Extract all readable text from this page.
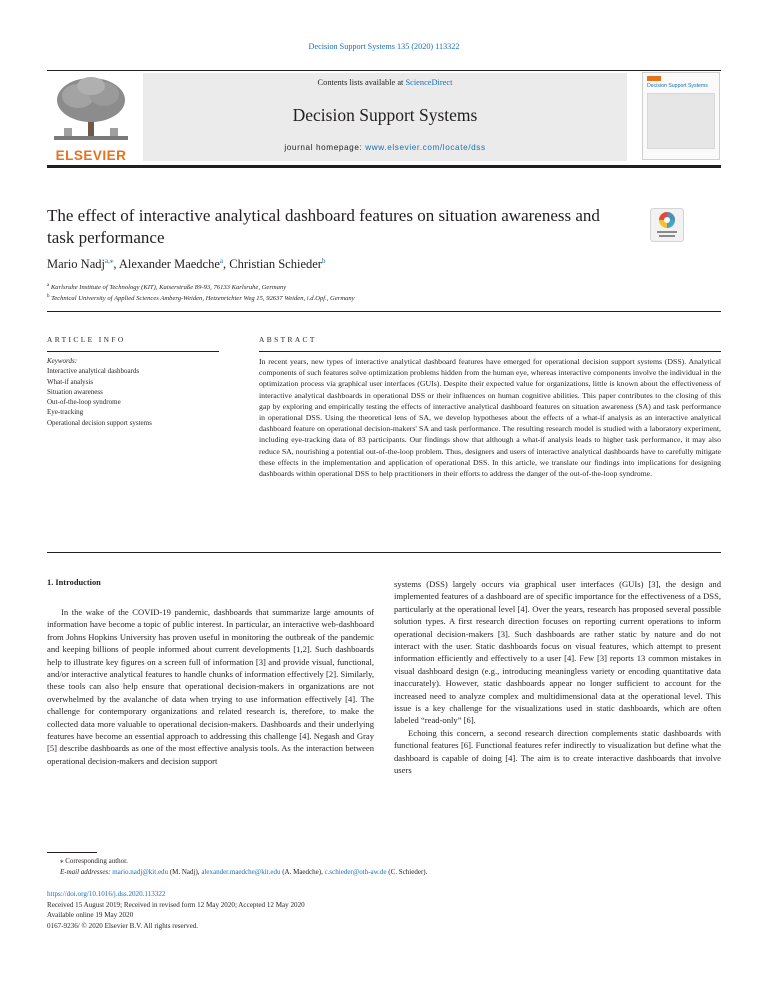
Decision Support Systems 135 (2020) 113322
ELSEVIER
Contents lists available at ScienceDirect
Decision Support Systems
journal homepage: www.elsevier.com/locate/dss
Decision Support Systems
The effect of interactive analytical dashboard features on situation awareness and task performance
Mario Nadj$^{a,⁎}$, Alexander Maedche$^a$, Christian Schieder$^b$
$^a$ Karlsruhe Institute of Technology (KIT), Kaiserstraße 89-93, 76133 Karlsruhe, Germany
$^b$ Technical University of Applied Sciences Amberg-Weiden, Hetzenrichter Weg 15, 92637 Weiden, i.d.Opf., Germany
ARTICLE INFO	ABSTRACT
Keywords:
Interactive analytical dashboards
What-if analysis
Situation awareness
Out-of-the-loop syndrome
Eye-tracking
Operational decision support systems
In recent years, new types of interactive analytical dashboard features have emerged for operational decision support systems (DSS). Analytical components of such features solve optimization problems hidden from the human eye, whereas interactive components involve the individual in the optimization process via graphical user interfaces (GUIs). Despite their expected value for organizations, little is known about the effectiveness of interactive analytical dashboards in operational DSS or their influences on human cognitive abilities. This paper contributes to the closing of this gap by exploring and empirically testing the effects of interactive analytical dashboard features on situation awareness (SA) and task performance in operational DSS. Using the theoretical lens of SA, we develop hypotheses about the effects of a what-if analysis as an interactive analytical dashboard feature on operational decision-makers' SA and task performance. The resulting research model is studied with a laboratory experiment, including eye-tracking data of 83 participants. Our findings show that although a what-if analysis leads to higher task performance, it may also reduce SA, nourishing a potential out-of-the-loop problem. Thus, designers and users of interactive analytical dashboards have to carefully mitigate these effects in the implementation and application of operational DSS. In this article, we translate our findings into implications for designing dashboards within operational DSS to help practitioners in their efforts to address the danger of the out-of-the-loop syndrome.
1. Introduction

In the wake of the COVID-19 pandemic, dashboards that summarize large amounts of information have become a topic of public interest. In particular, an interactive web-dashboard from Johns Hopkins University has proven useful in monitoring the outbreak of the pandemic and keeping billions of people informed about current developments [1,2]. Such dashboards help to illustrate key figures on a screen full of information [3] and provide visual, functional, and/or interactive analytical features to handle chunks of information effectively [2]. Similarly, these tools can also help ensure that operational decision-makers in organizations are not overwhelmed by the avalanche of data when trying to use information effectively [4]. The challenge for contemporary organizations and related research is, therefore, to make the collected data more valuable to operational decision-makers. Dashboards and their underlying features have become an essential approach to addressing this challenge [4]. Negash and Gray [5] describe dashboards as one of the most effective analysis tools. As the interaction between operational decision-makers and decision support

systems (DSS) largely occurs via graphical user interfaces (GUIs) [3], the design and implemented features of a dashboard are of specific importance for the effectiveness of a DSS, particularly at the operational level [4]. Over the years, research has proposed several possible solution types. A first research direction focuses on reporting current operations to inform operational decision-makers [3]. Such dashboards are rather static by nature and do not interact with the user. Static dashboards focus on visual features, which attempt to present information efficiently and effectively to a user [4]. Few [3] reports 13 common mistakes in visual dashboard design (e.g., introducing meaningless variety or encoding quantitative data inaccurately). However, static dashboards appear no longer sufficient to account for the increased need to analyze complex and multidimensional data at the operational level. This issue is a key challenge for the visualizations used in static dashboards, which are often labeled “read-only” [6].

Echoing this concern, a second research direction complements static dashboards with functional features [6]. Functional features refer indirectly to visualization but define what the dashboard is capable of doing [4]. The aim is to create interactive dashboards that involve users

⁎ Corresponding author.
E-mail addresses: mario.nadj@kit.edu (M. Nadj), alexander.maedche@kit.edu (A. Maedche), c.schieder@oth-aw.de (C. Schieder).
https://doi.org/10.1016/j.dss.2020.113322
Received 15 August 2019; Received in revised form 12 May 2020; Accepted 12 May 2020
Available online 19 May 2020
0167-9236/ © 2020 Elsevier B.V. All rights reserved.
